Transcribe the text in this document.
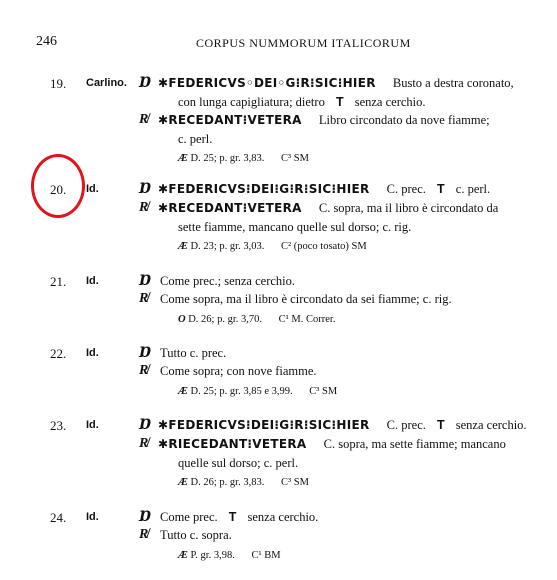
246	CORPUS NUMMORUM ITALICORUM
19. Carlino. Ɒ ✱FEDERICVS◦DEI◦G⁝R⁝SIC⁝HIER Busto a destra coronato,
con lunga capigliatura; dietro T senza cerchio.
R̸ ✱RECEDANT⁝VETERA Libro circondato da nove fiamme;
c. perl.
Æ D. 25; p. gr. 3,83. C³ SM
20. Id.	Ɒ ✱FEDERICVS⁝DEI⁝G⁝R⁝SIC⁝HIER C. prec. T c. perl.
R̸ ✱RECEDANT⁝VETERA C. sopra, ma il libro è circondato da
sette fiamme, mancano quelle sul dorso; c. rig.
Æ D. 23; p. gr. 3,03. C² (poco tosato) SM
21. Id.	Ɒ Come prec.; senza cerchio.
R̸ Come sopra, ma il libro è circondato da sei fiamme; c. rig.
O D. 26; p. gr. 3,70. C¹ M. Correr.
22. Id.	Ɒ Tutto c. prec.
R̸ Come sopra; con nove fiamme.
Æ D. 25; p. gr. 3,85 e 3,99. C³ SM
23. Id.	Ɒ ✱FEDERICVS⁝DEI⁝G⁝R⁝SIC⁝HIER C. prec. T senza cerchio.
R̸ ✱RIECEDANT⁝VETERA C. sopra, ma sette fiamme; mancano
quelle sul dorso; c. perl.
Æ D. 26; p. gr. 3,83. C³ SM
24. Id.	Ɒ Come prec. T senza cerchio.
R̸ Tutto c. sopra.
Æ P. gr. 3,98. C¹ BM
